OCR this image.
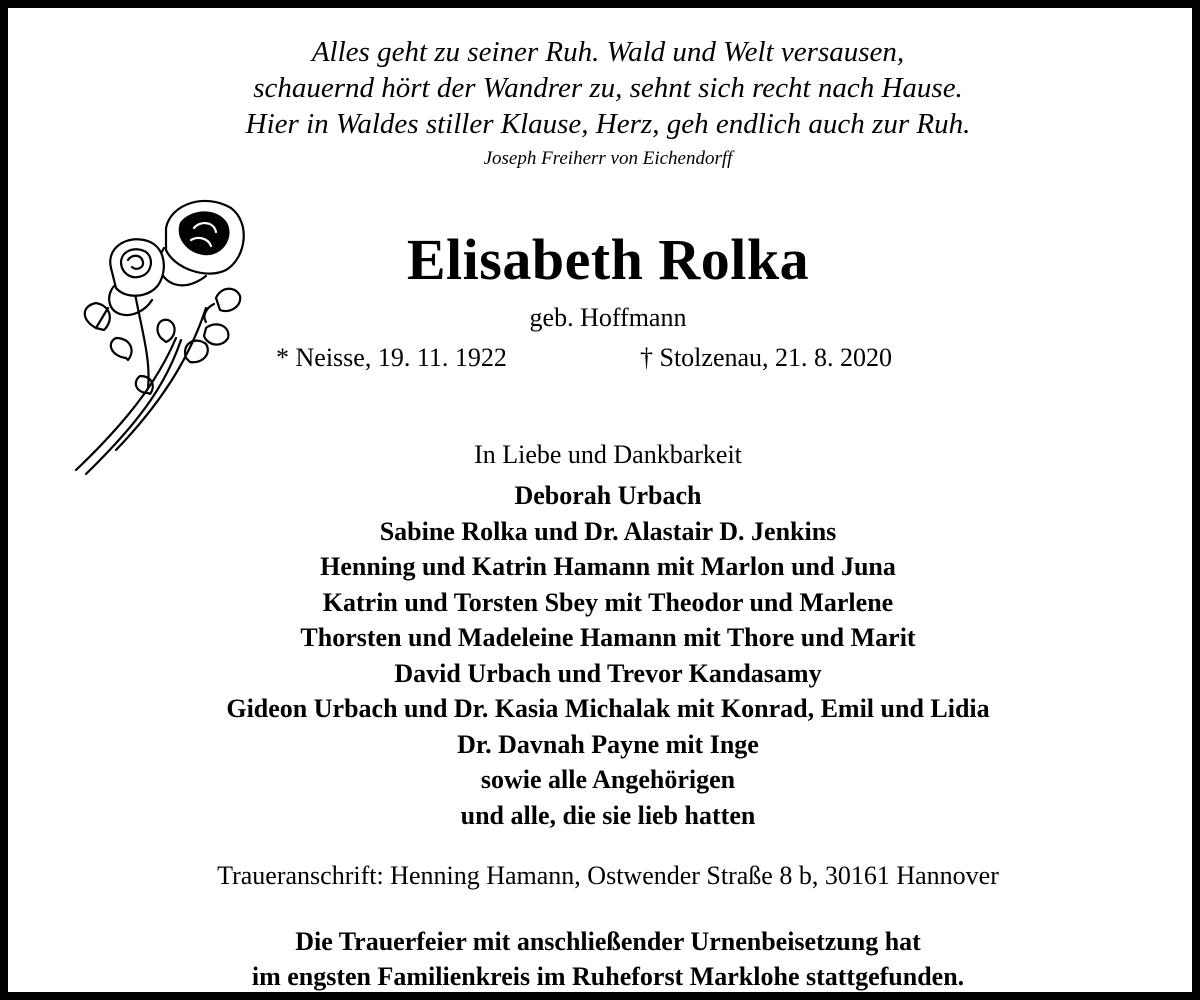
Alles geht zu seiner Ruh. Wald und Welt versausen,
schauernd hört der Wandrer zu, sehnt sich recht nach Hause.
Hier in Waldes stiller Klause, Herz, geh endlich auch zur Ruh.
Joseph Freiherr von Eichendorff
Elisabeth Rolka
geb. Hoffmann
* Neisse, 19. 11. 1922	† Stolzenau, 21. 8. 2020
In Liebe und Dankbarkeit
Deborah Urbach
Sabine Rolka und Dr. Alastair D. Jenkins
Henning und Katrin Hamann mit Marlon und Juna
Katrin und Torsten Sbey mit Theodor und Marlene
Thorsten und Madeleine Hamann mit Thore und Marit
David Urbach und Trevor Kandasamy
Gideon Urbach und Dr. Kasia Michalak mit Konrad, Emil und Lidia
Dr. Davnah Payne mit Inge
sowie alle Angehörigen
und alle, die sie lieb hatten
Traueranschrift: Henning Hamann, Ostwender Straße 8 b, 30161 Hannover
Die Trauerfeier mit anschließender Urnenbeisetzung hat
im engsten Familienkreis im Ruheforst Marklohe stattgefunden.
